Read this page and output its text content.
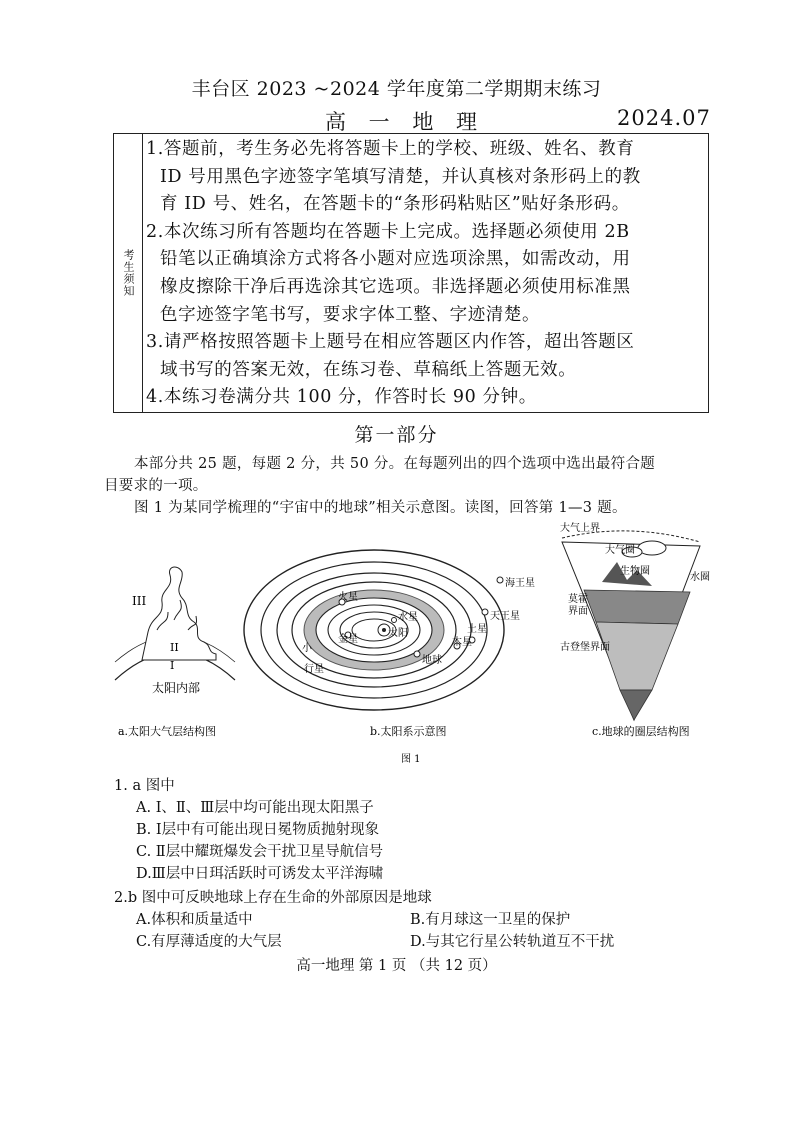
丰台区 2023 ~2024 学年度第二学期期末练习
高 一 地 理	2024.07
考生须知
1.答题前，考生务必先将答题卡上的学校、班级、姓名、教育
ID 号用黑色字迹签字笔填写清楚，并认真核对条形码上的教
育 ID 号、姓名，在答题卡的“条形码粘贴区”贴好条形码。
2.本次练习所有答题均在答题卡上完成。选择题必须使用 2B
铅笔以正确填涂方式将各小题对应选项涂黑，如需改动，用
橡皮擦除干净后再选涂其它选项。非选择题必须使用标准黑
色字迹签字笔书写，要求字体工整、字迹清楚。
3.请严格按照答题卡上题号在相应答题区内作答，超出答题区
域书写的答案无效，在练习卷、草稿纸上答题无效。
4.本练习卷满分共 100 分，作答时长 90 分钟。
第一部分
本部分共 25 题，每题 2 分，共 50 分。在每题列出的四个选项中选出最符合题
目要求的一项。
图 1 为某同学梳理的“宇宙中的地球”相关示意图。读图，回答第 1—3 题。
III
II
I
太阳内部
a.太阳大气层结构图
海王星
天王星
土星
木星
火星
地球
金星
水星
太阳
小
行星
b.太阳系示意图
大气上界
大气圈
生物圈
水圈
莫霍
界面
古登堡界面
c.地球的圈层结构图
图 1
1. a 图中
A. Ⅰ、Ⅱ、Ⅲ层中均可能出现太阳黑子
B. Ⅰ层中有可能出现日冕物质抛射现象
C. Ⅱ层中耀斑爆发会干扰卫星导航信号
D.Ⅲ层中日珥活跃时可诱发太平洋海啸
2.b 图中可反映地球上存在生命的外部原因是地球
A.体积和质量适中	B.有月球这一卫星的保护
C.有厚薄适度的大气层	D.与其它行星公转轨道互不干扰
高一地理 第 1 页 （共 12 页）
